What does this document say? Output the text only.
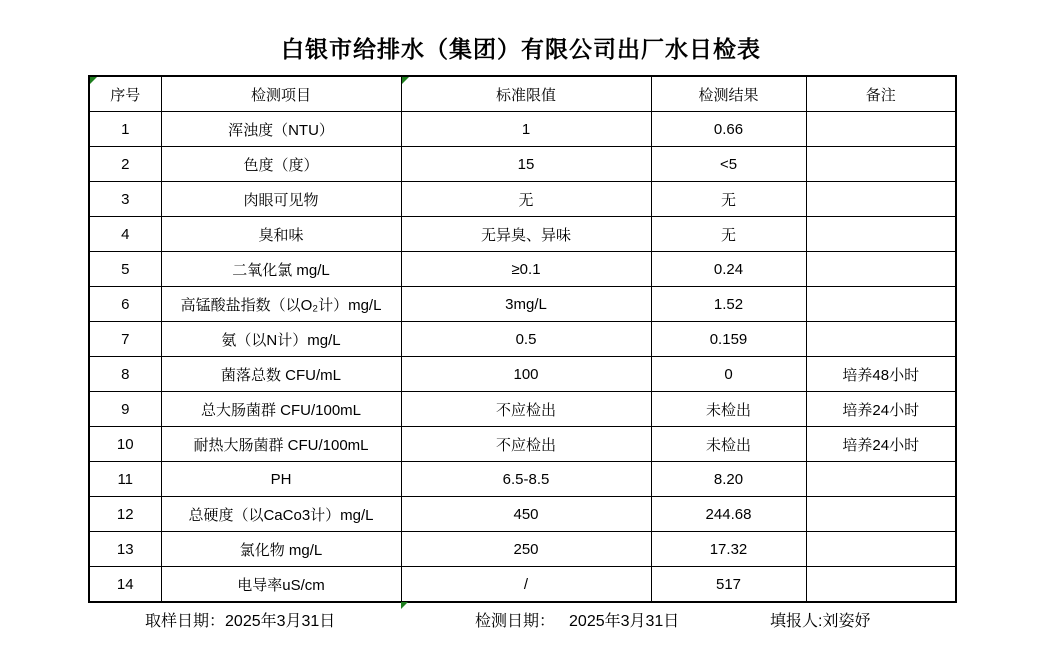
白银市给排水（集团）有限公司出厂水日检表
序号	检测项目	标准限值	检测结果	备注
1	浑浊度（NTU）	1	0.66	
2	色度（度）	15	<5	
3	肉眼可见物	无	无	
4	臭和味	无异臭、异味	无	
5	二氧化氯 mg/L	≥0.1	0.24	
6	高锰酸盐指数（以O₂计）mg/L	3mg/L	1.52	
7	氨（以N计）mg/L	0.5	0.159	
8	菌落总数 CFU/mL	100	0	培养48小时
9	总大肠菌群 CFU/100mL	不应检出	未检出	培养24小时
10	耐热大肠菌群 CFU/100mL	不应检出	未检出	培养24小时
11	PH	6.5-8.5	8.20	
12	总硬度（以CaCo3计）mg/L	450	244.68	
13	氯化物 mg/L	250	17.32	
14	电导率uS/cm	/	517	
取样日期：2025年3月31日	检测日期： 2025年3月31日	填报人:刘姿妤
